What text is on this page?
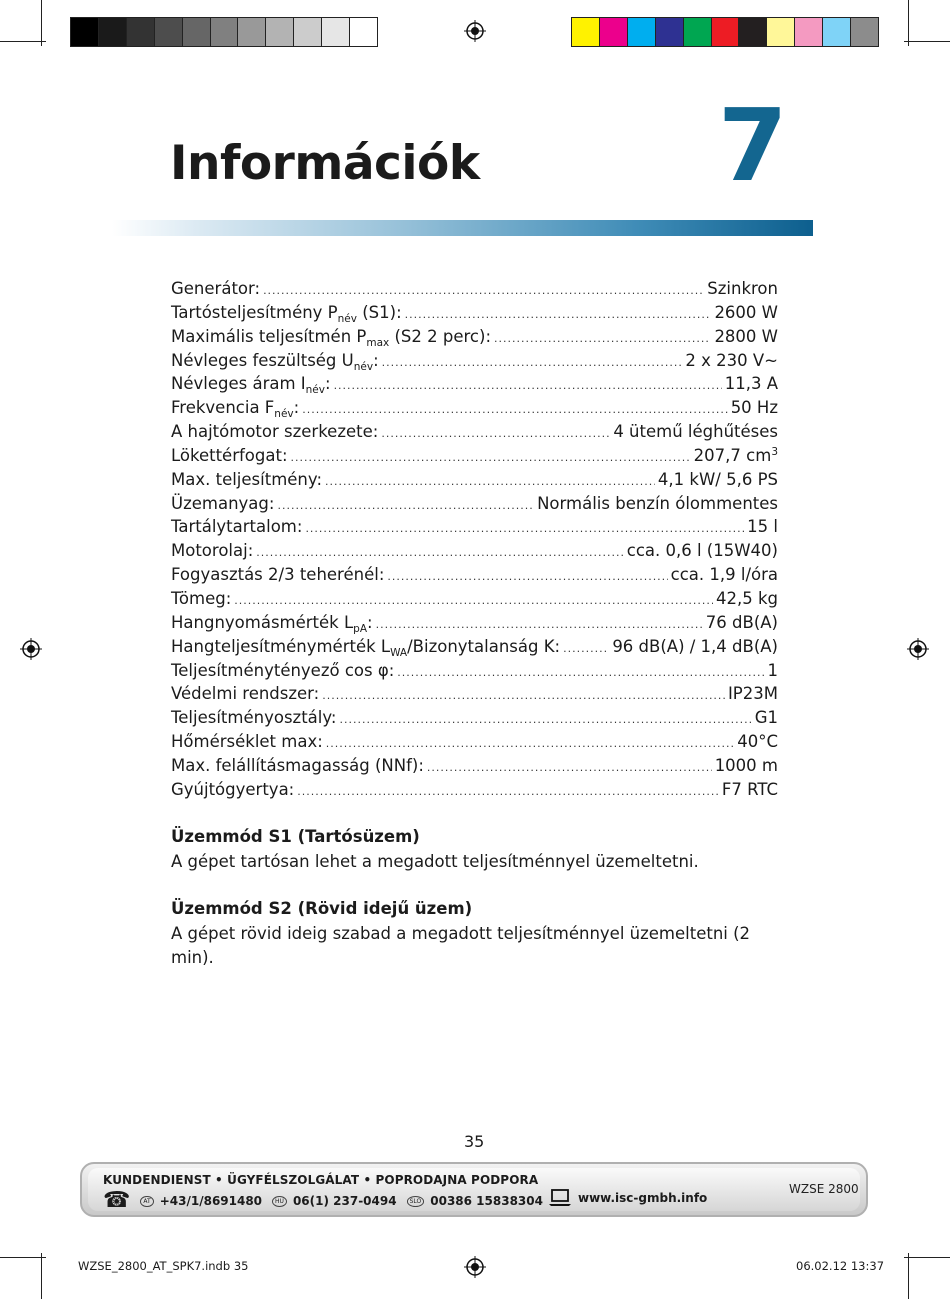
Információk 7
Generátor: .....	Szinkron
Tartósteljesítmény $P_{név}$ (S1): .....	2600 W
Maximális teljesítmén $P_{max}$ (S2 2 perc): .....	2800 W
Névleges feszültség $U_{név}$: .....	2 x 230 V~
Névleges áram $I_{név}$: .....	11,3 A
Frekvencia $F_{név}$: .....	50 Hz
A hajtómotor szerkezete: .....	4 ütemű léghűtéses
Lökettérfogat: .....	207,7 $cm^3$
Max. teljesítmény: .....	4,1 kW/ 5,6 PS
Üzemanyag: .....	Normális benzín ólommentes
Tartálytartalom: .....	15 l
Motorolaj: .....	cca. 0,6 l (15W40)
Fogyasztás 2/3 teherénél: .....	cca. 1,9 l/óra
Tömeg: .....	42,5 kg
Hangnyomásmérték $L_{pA}$: .....	76 dB(A)
Hangteljesítménymérték $L_{WA}$/Bizonytalanság K: .....	96 dB(A) / 1,4 dB(A)
Teljesítménytényező cos φ: .....	1
Védelmi rendszer: .....	IP23M
Teljesítményosztály: .....	G1
Hőmérséklet max: .....	40°C
Max. felállításmagasság (NNf): .....	1000 m
Gyújtógyertya: .....	F7 RTC
Üzemmód S1 (Tartósüzem)
A gépet tartósan lehet a megadott teljesítménnyel üzemeltetni.
Üzemmód S2 (Rövid idejű üzem)
A gépet rövid ideig szabad a megadott teljesítménnyel üzemeltetni (2 min).
35
KUNDENDIENST • ÜGYFÉLSZOLGÁLAT • POPRODAJNA PODPORA
WZSE 2800
☎	AT +43/1/8691480	HU 06(1) 237-0494	SLO 00386 15838304	www.isc-gmbh.info
WZSE_2800_AT_SPK7.indb 35	06.02.12 13:37
